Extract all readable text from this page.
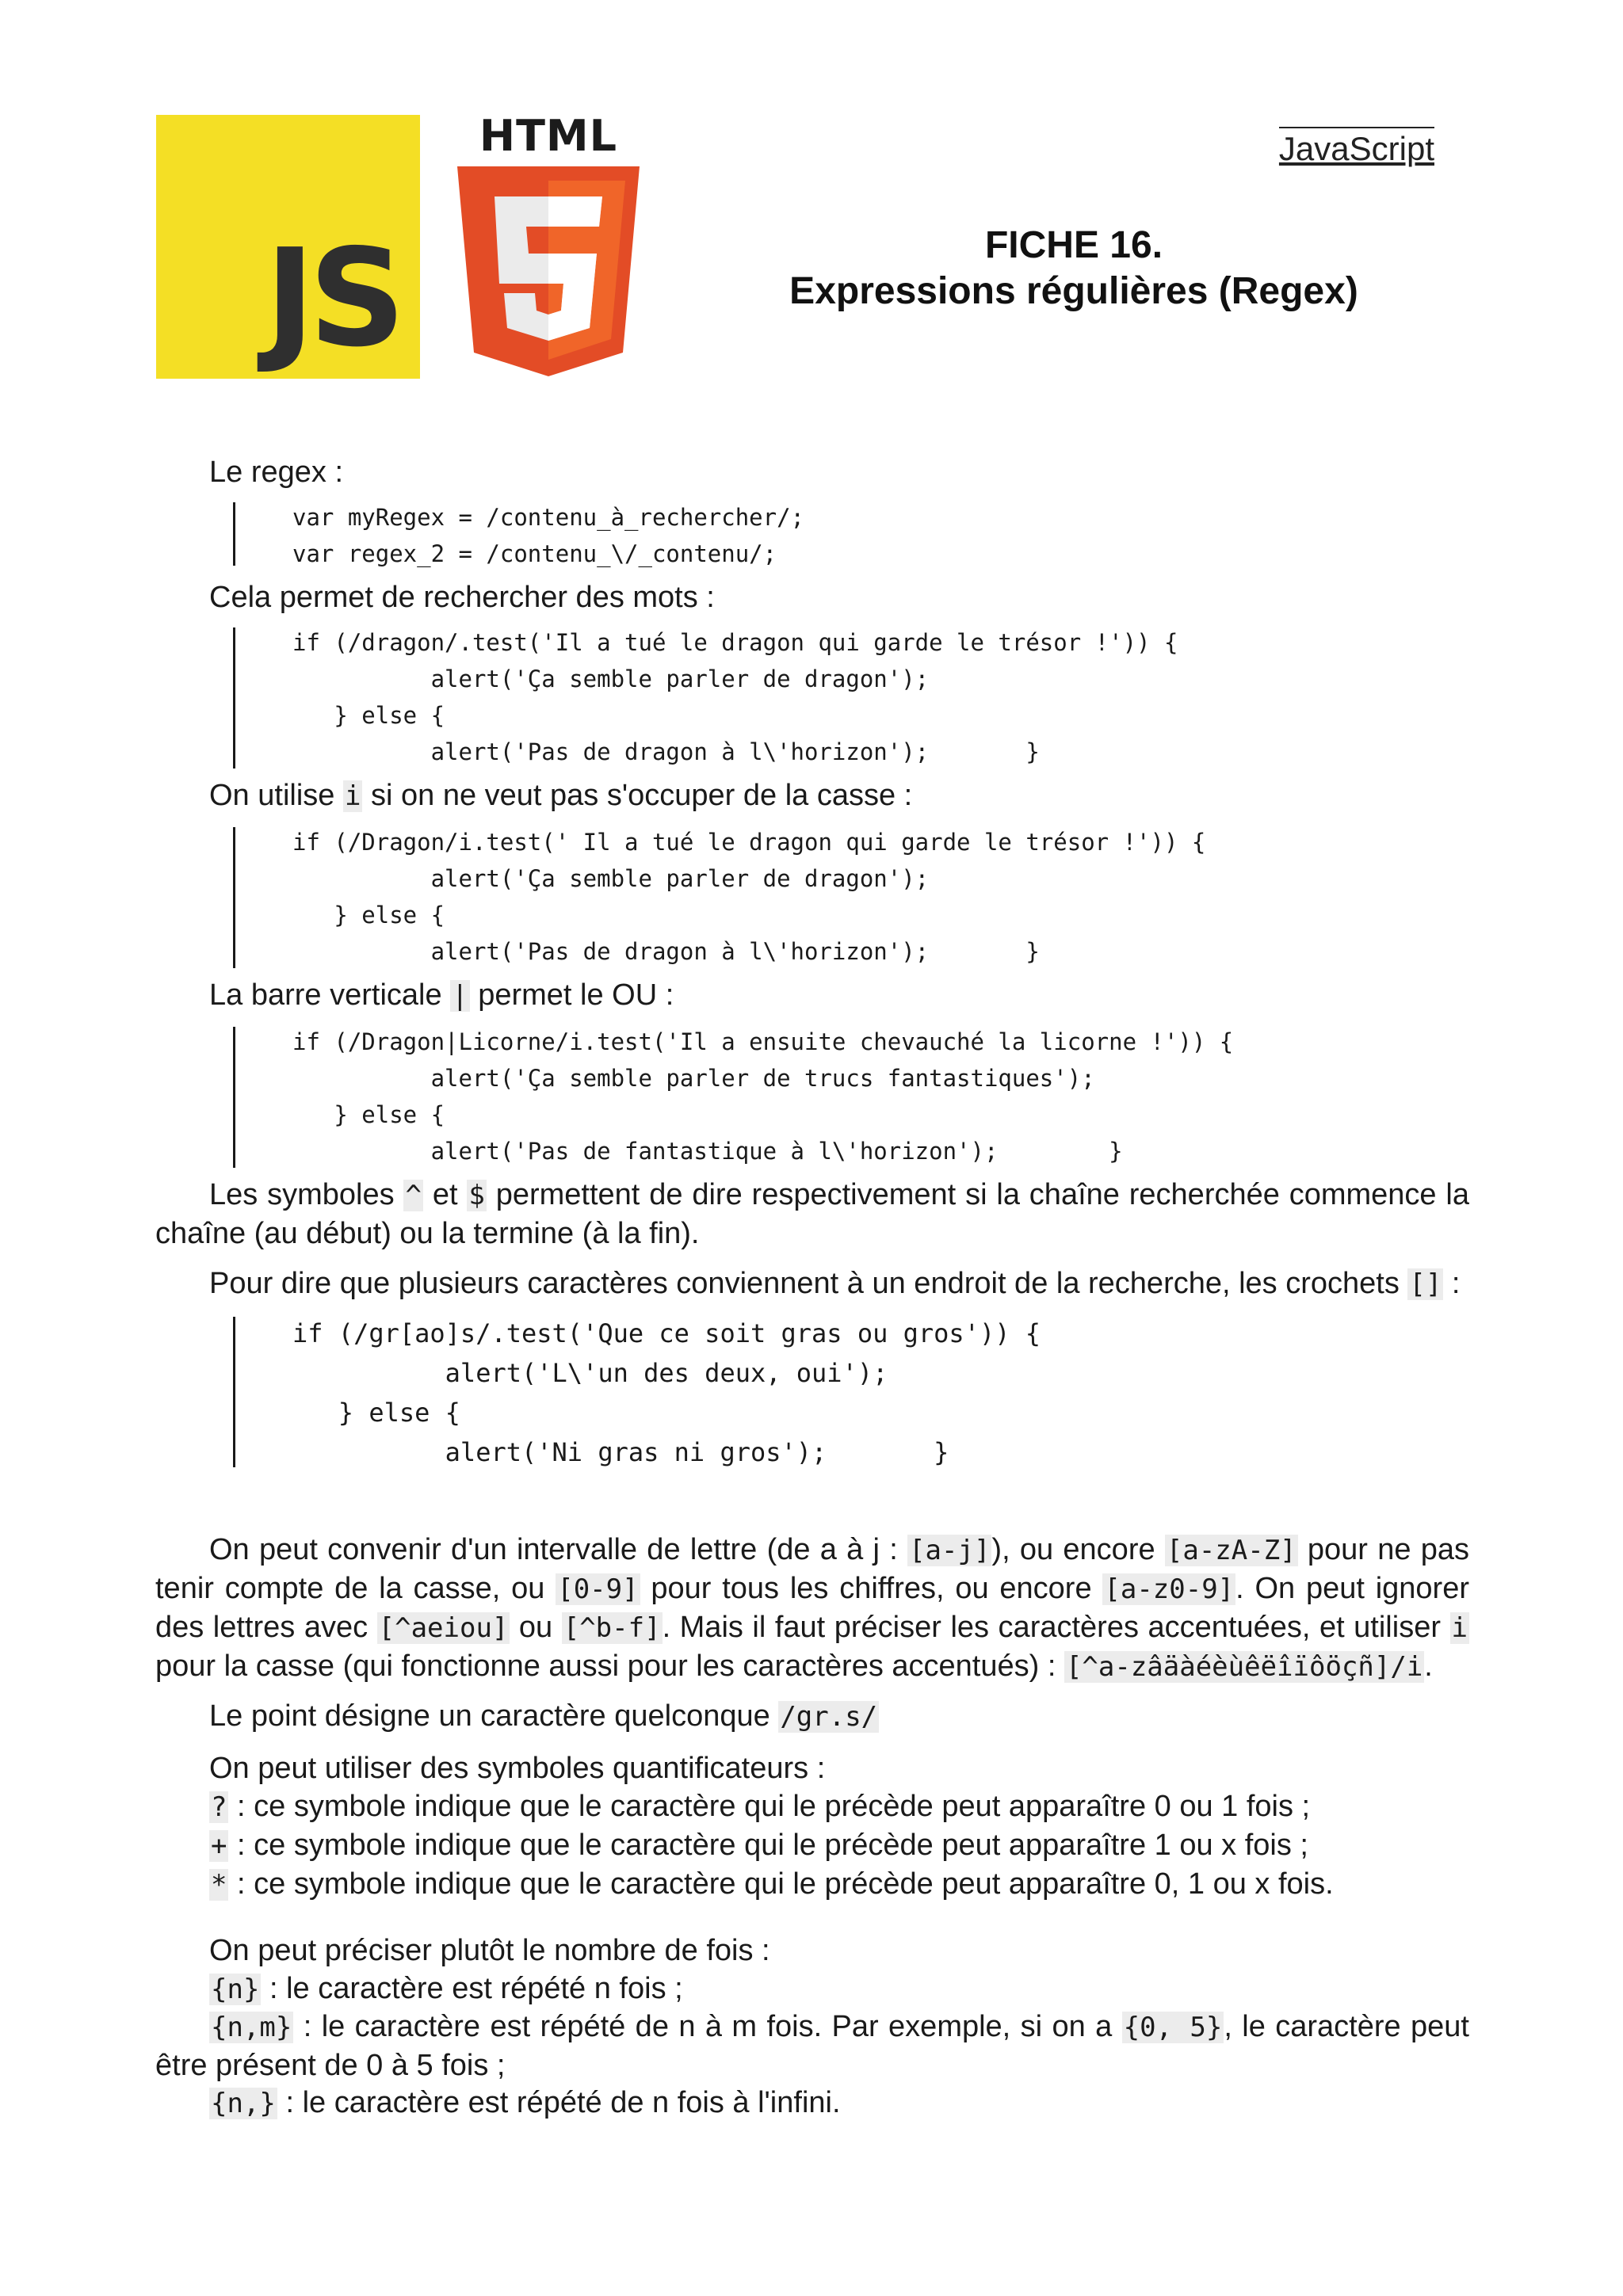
JS
HTML	JavaScript
FICHE 16.
Expressions régulières (Regex)
Le regex :
var myRegex = /contenu_à_rechercher/;
var regex_2 = /contenu_\/_contenu/;
Cela permet de rechercher des mots :
if (/dragon/.test('Il a tué le dragon qui garde le trésor !')) {
alert('Ça semble parler de dragon');
} else {
alert('Pas de dragon à l\'horizon');       }
On utilise i si on ne veut pas s'occuper de la casse :
if (/Dragon/i.test(' Il a tué le dragon qui garde le trésor !')) {
alert('Ça semble parler de dragon');
} else {
alert('Pas de dragon à l\'horizon');       }
La barre verticale | permet le OU :
if (/Dragon|Licorne/i.test('Il a ensuite chevauché la licorne !')) {
alert('Ça semble parler de trucs fantastiques');
} else {
alert('Pas de fantastique à l\'horizon');        }
Les symboles ^ et $ permettent de dire respectivement si la chaîne recherchée commence la chaîne (au début) ou la termine (à la fin).
Pour dire que plusieurs caractères conviennent à un endroit de la recherche, les crochets [] :
if (/gr[ao]s/.test('Que ce soit gras ou gros')) {
alert('L\'un des deux, oui');
} else {
alert('Ni gras ni gros');       }
On peut convenir d'un intervalle de lettre (de a à j : [a-j]), ou encore [a-zA-Z] pour ne pas tenir compte de la casse, ou [0-9] pour tous les chiffres, ou encore [a-z0-9]. On peut ignorer des lettres avec [^aeiou] ou [^b-f]. Mais il faut préciser les caractères accentuées, et utiliser i pour la casse (qui fonctionne aussi pour les caractères accentués) : [^a-zâäàéèùêëîïôöçñ]/i.
Le point désigne un caractère quelconque /gr.s/
On peut utiliser des symboles quantificateurs :
? : ce symbole indique que le caractère qui le précède peut apparaître 0 ou 1 fois ;
+ : ce symbole indique que le caractère qui le précède peut apparaître 1 ou x fois ;
* : ce symbole indique que le caractère qui le précède peut apparaître 0, 1 ou x fois.
On peut préciser plutôt le nombre de fois :
{n} : le caractère est répété n fois ;
{n,m} : le caractère est répété de n à m fois. Par exemple, si on a {0, 5}, le caractère peut être présent de 0 à 5 fois ;
{n,} : le caractère est répété de n fois à l'infini.
